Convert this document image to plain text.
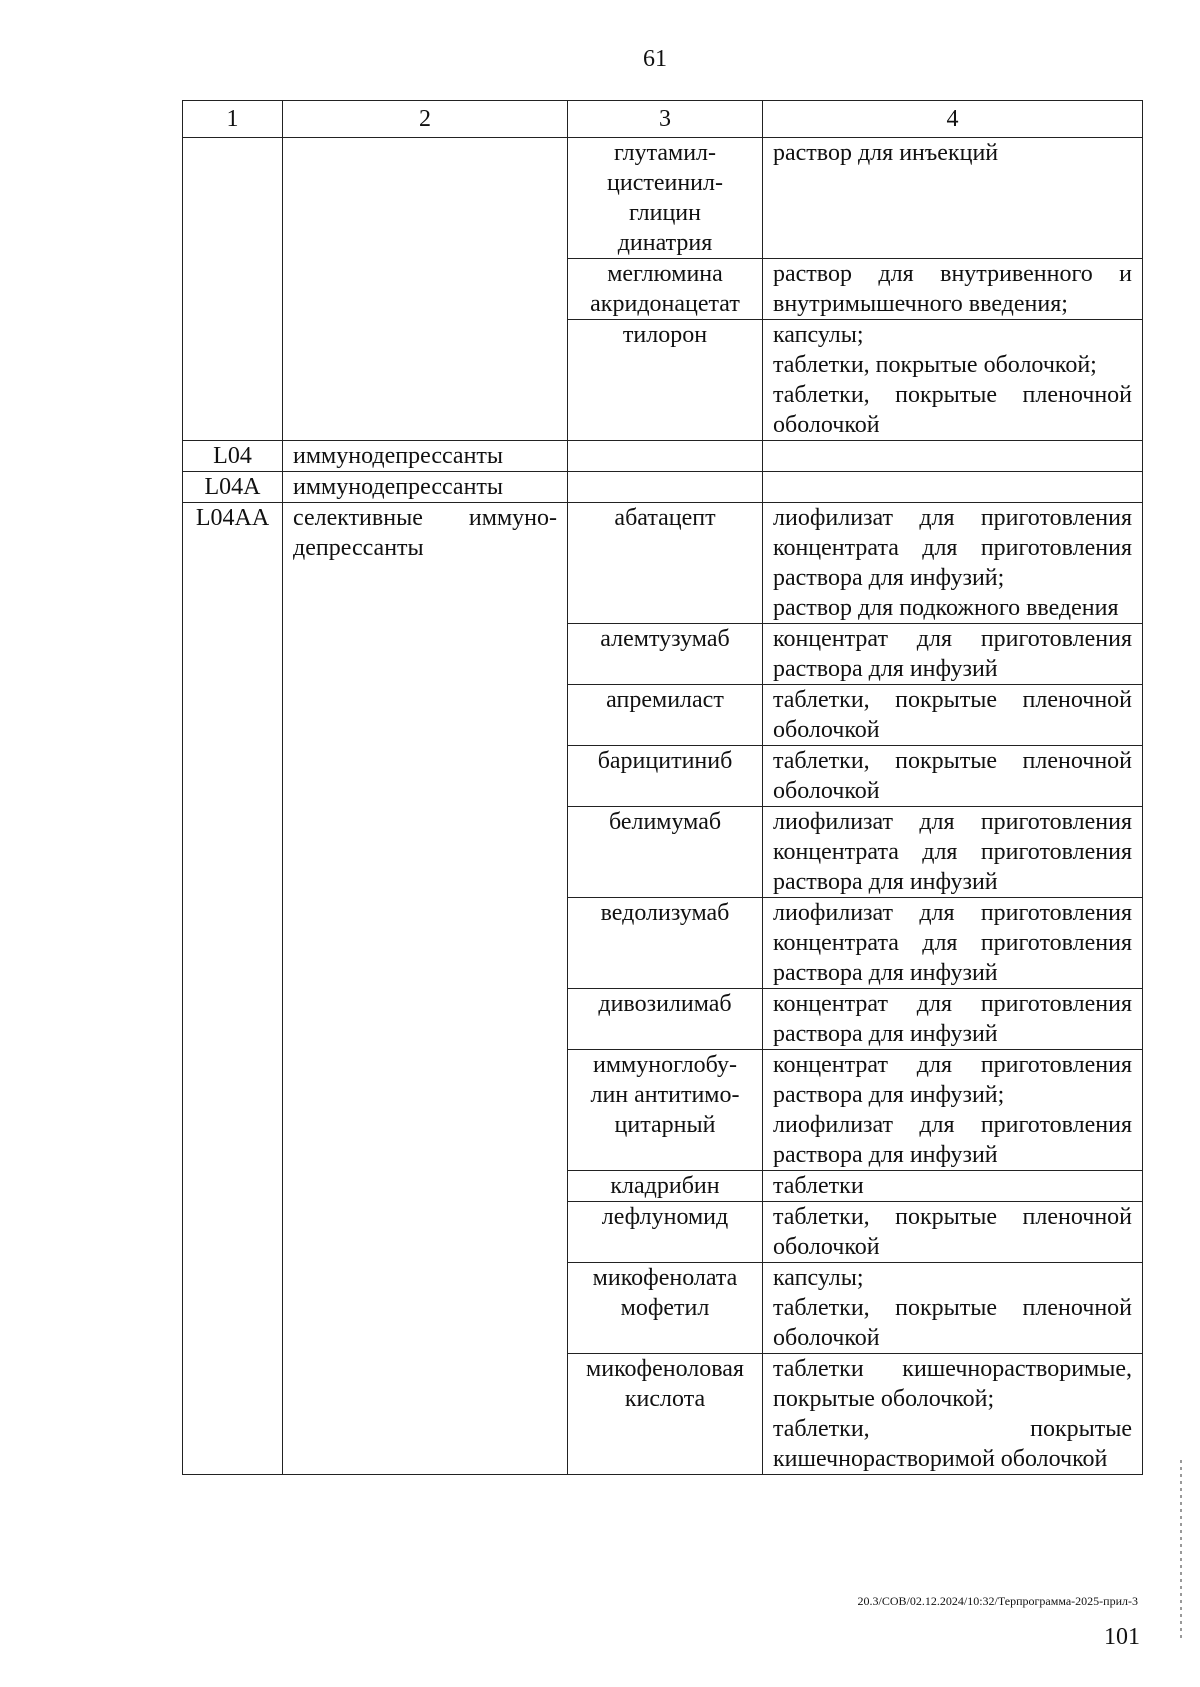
61
1	2	3	4

		глутамил-
цистеинил-
глицин
динатрия	раствор для инъекций

		меглюмина
акридонацетат	раствор для внутривенного и внутримышечного введения;

		тилорон	капсулы;
таблетки, покрытые оболочкой;
таблетки, покрытые пленочной оболочкой

L04	иммунодепрессанты		
L04A	иммунодепрессанты		
L04AA	селективные иммуно-депрессанты	абатацепт	лиофилизат для приготовления концентрата для приготовления раствора для инфузий;
раствор для подкожного введения

		алемтузумаб	концентрат для приготовления раствора для инфузий

		апремиласт	таблетки, покрытые пленочной оболочкой

		барицитиниб	таблетки, покрытые пленочной оболочкой

		белимумаб	лиофилизат для приготовления концентрата для приготовления раствора для инфузий

		ведолизумаб	лиофилизат для приготовления концентрата для приготовления раствора для инфузий

		дивозилимаб	концентрат для приготовления раствора для инфузий

		иммуноглобу-
лин антитимо-
цитарный	концентрат для приготовления раствора для инфузий;
лиофилизат для приготовления раствора для инфузий

		кладрибин	таблетки

		лефлуномид	таблетки, покрытые пленочной оболочкой

		микофенолата
мофетил	капсулы;
таблетки, покрытые пленочной оболочкой

		микофеноловая
кислота	таблетки кишечнорастворимые, покрытые оболочкой;
таблетки, покрытые кишечнорастворимой оболочкой
20.3/СОВ/02.12.2024/10:32/Терпрограмма-2025-прил-3
101
